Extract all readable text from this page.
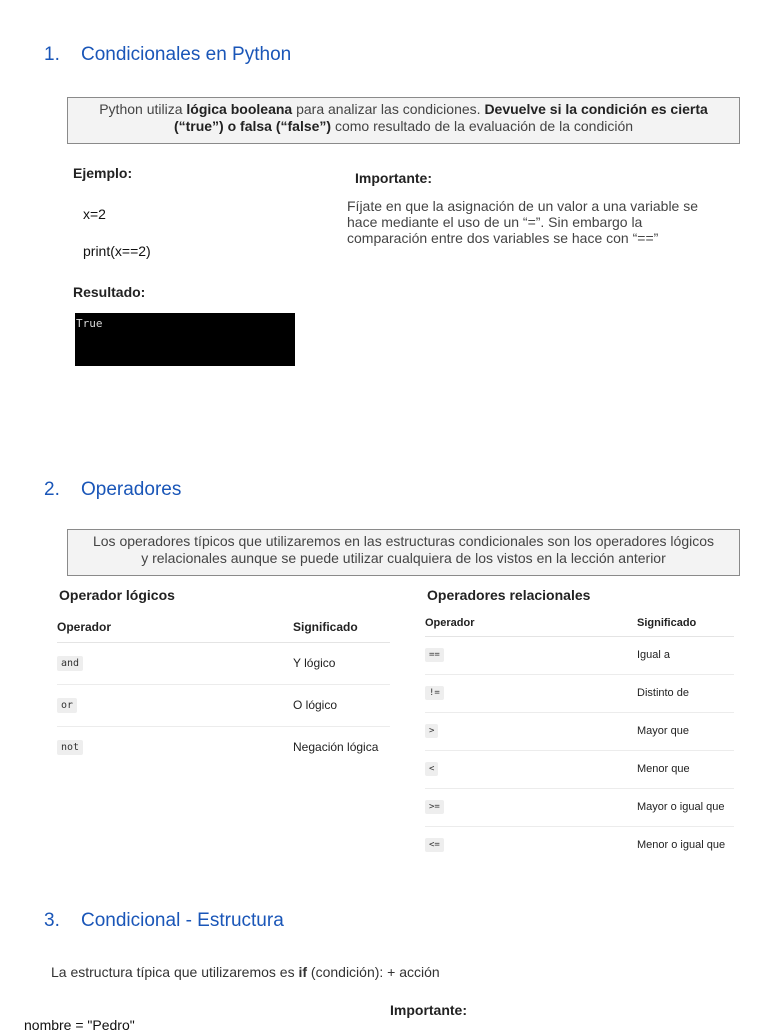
1. Condicionales en Python
Python utiliza lógica booleana para analizar las condiciones. Devuelve si la condición es cierta (“true”) o falsa (“false”) como resultado de la evaluación de la condición
Ejemplo:
x=2
print(x==2)
Resultado:
True
Importante:
Fíjate en que la asignación de un valor a una variable se hace mediante el uso de un “=”. Sin embargo la comparación entre dos variables se hace con “==”
2. Operadores
Los operadores típicos que utilizaremos en las estructuras condicionales son los operadores lógicos y relacionales aunque se puede utilizar cualquiera de los vistos en la lección anterior
Operador lógicos
Operador	Significado
and	Y lógico
or	O lógico
not	Negación lógica
Operadores relacionales
Operador	Significado
==	Igual a
!=	Distinto de
>	Mayor que
<	Menor que
>=	Mayor o igual que
<=	Menor o igual que
3. Condicional - Estructura
La estructura típica que utilizaremos es if (condición): + acción
Importante:
nombre = "Pedro"
